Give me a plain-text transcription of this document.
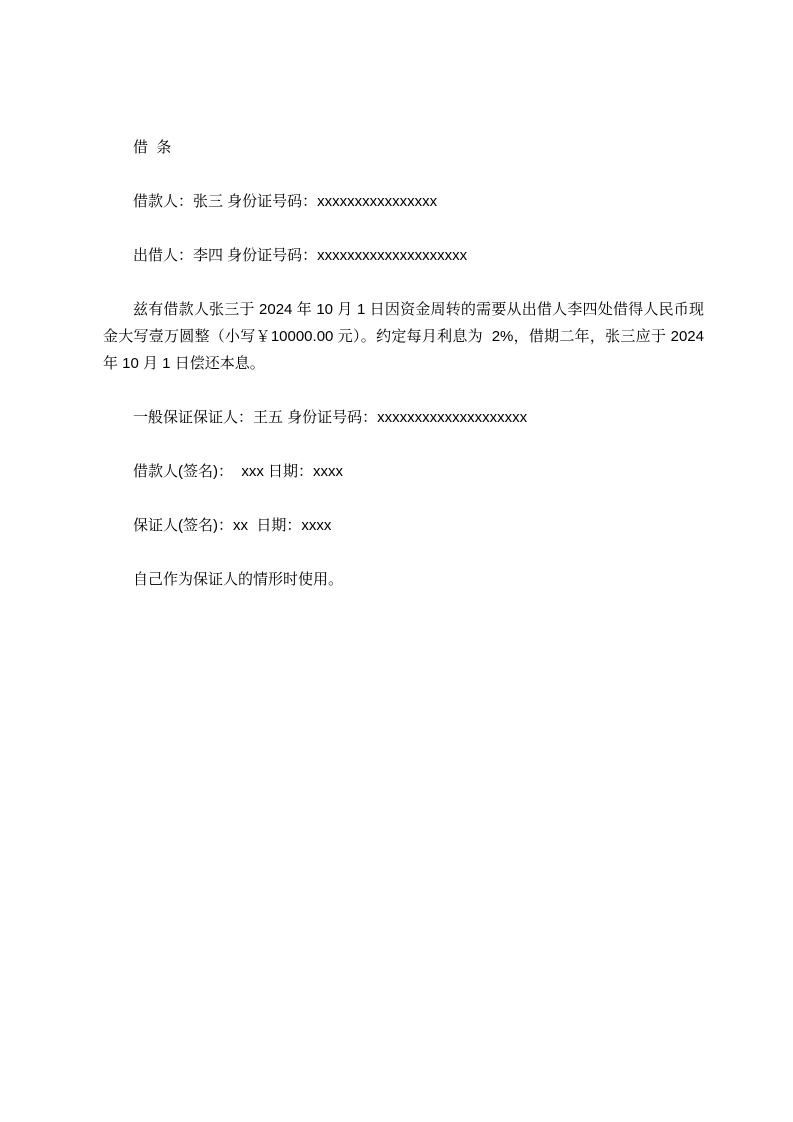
借  条

借款人：张三 身份证号码：xxxxxxxxxxxxxxxx

出借人：李四 身份证号码：xxxxxxxxxxxxxxxxxxxx

兹有借款人张三于 2024 年 10 月 1 日因资金周转的需要从出借人李四处借得人民币现金大写壹万圆整（小写￥10000.00 元）。约定每月利息为  2%，借期二年，张三应于 2024 年 10 月 1 日偿还本息。

一般保证保证人：王五 身份证号码：xxxxxxxxxxxxxxxxxxxx

借款人(签名)：  xxx 日期：xxxx

保证人(签名)：xx  日期：xxxx

自己作为保证人的情形时使用。
